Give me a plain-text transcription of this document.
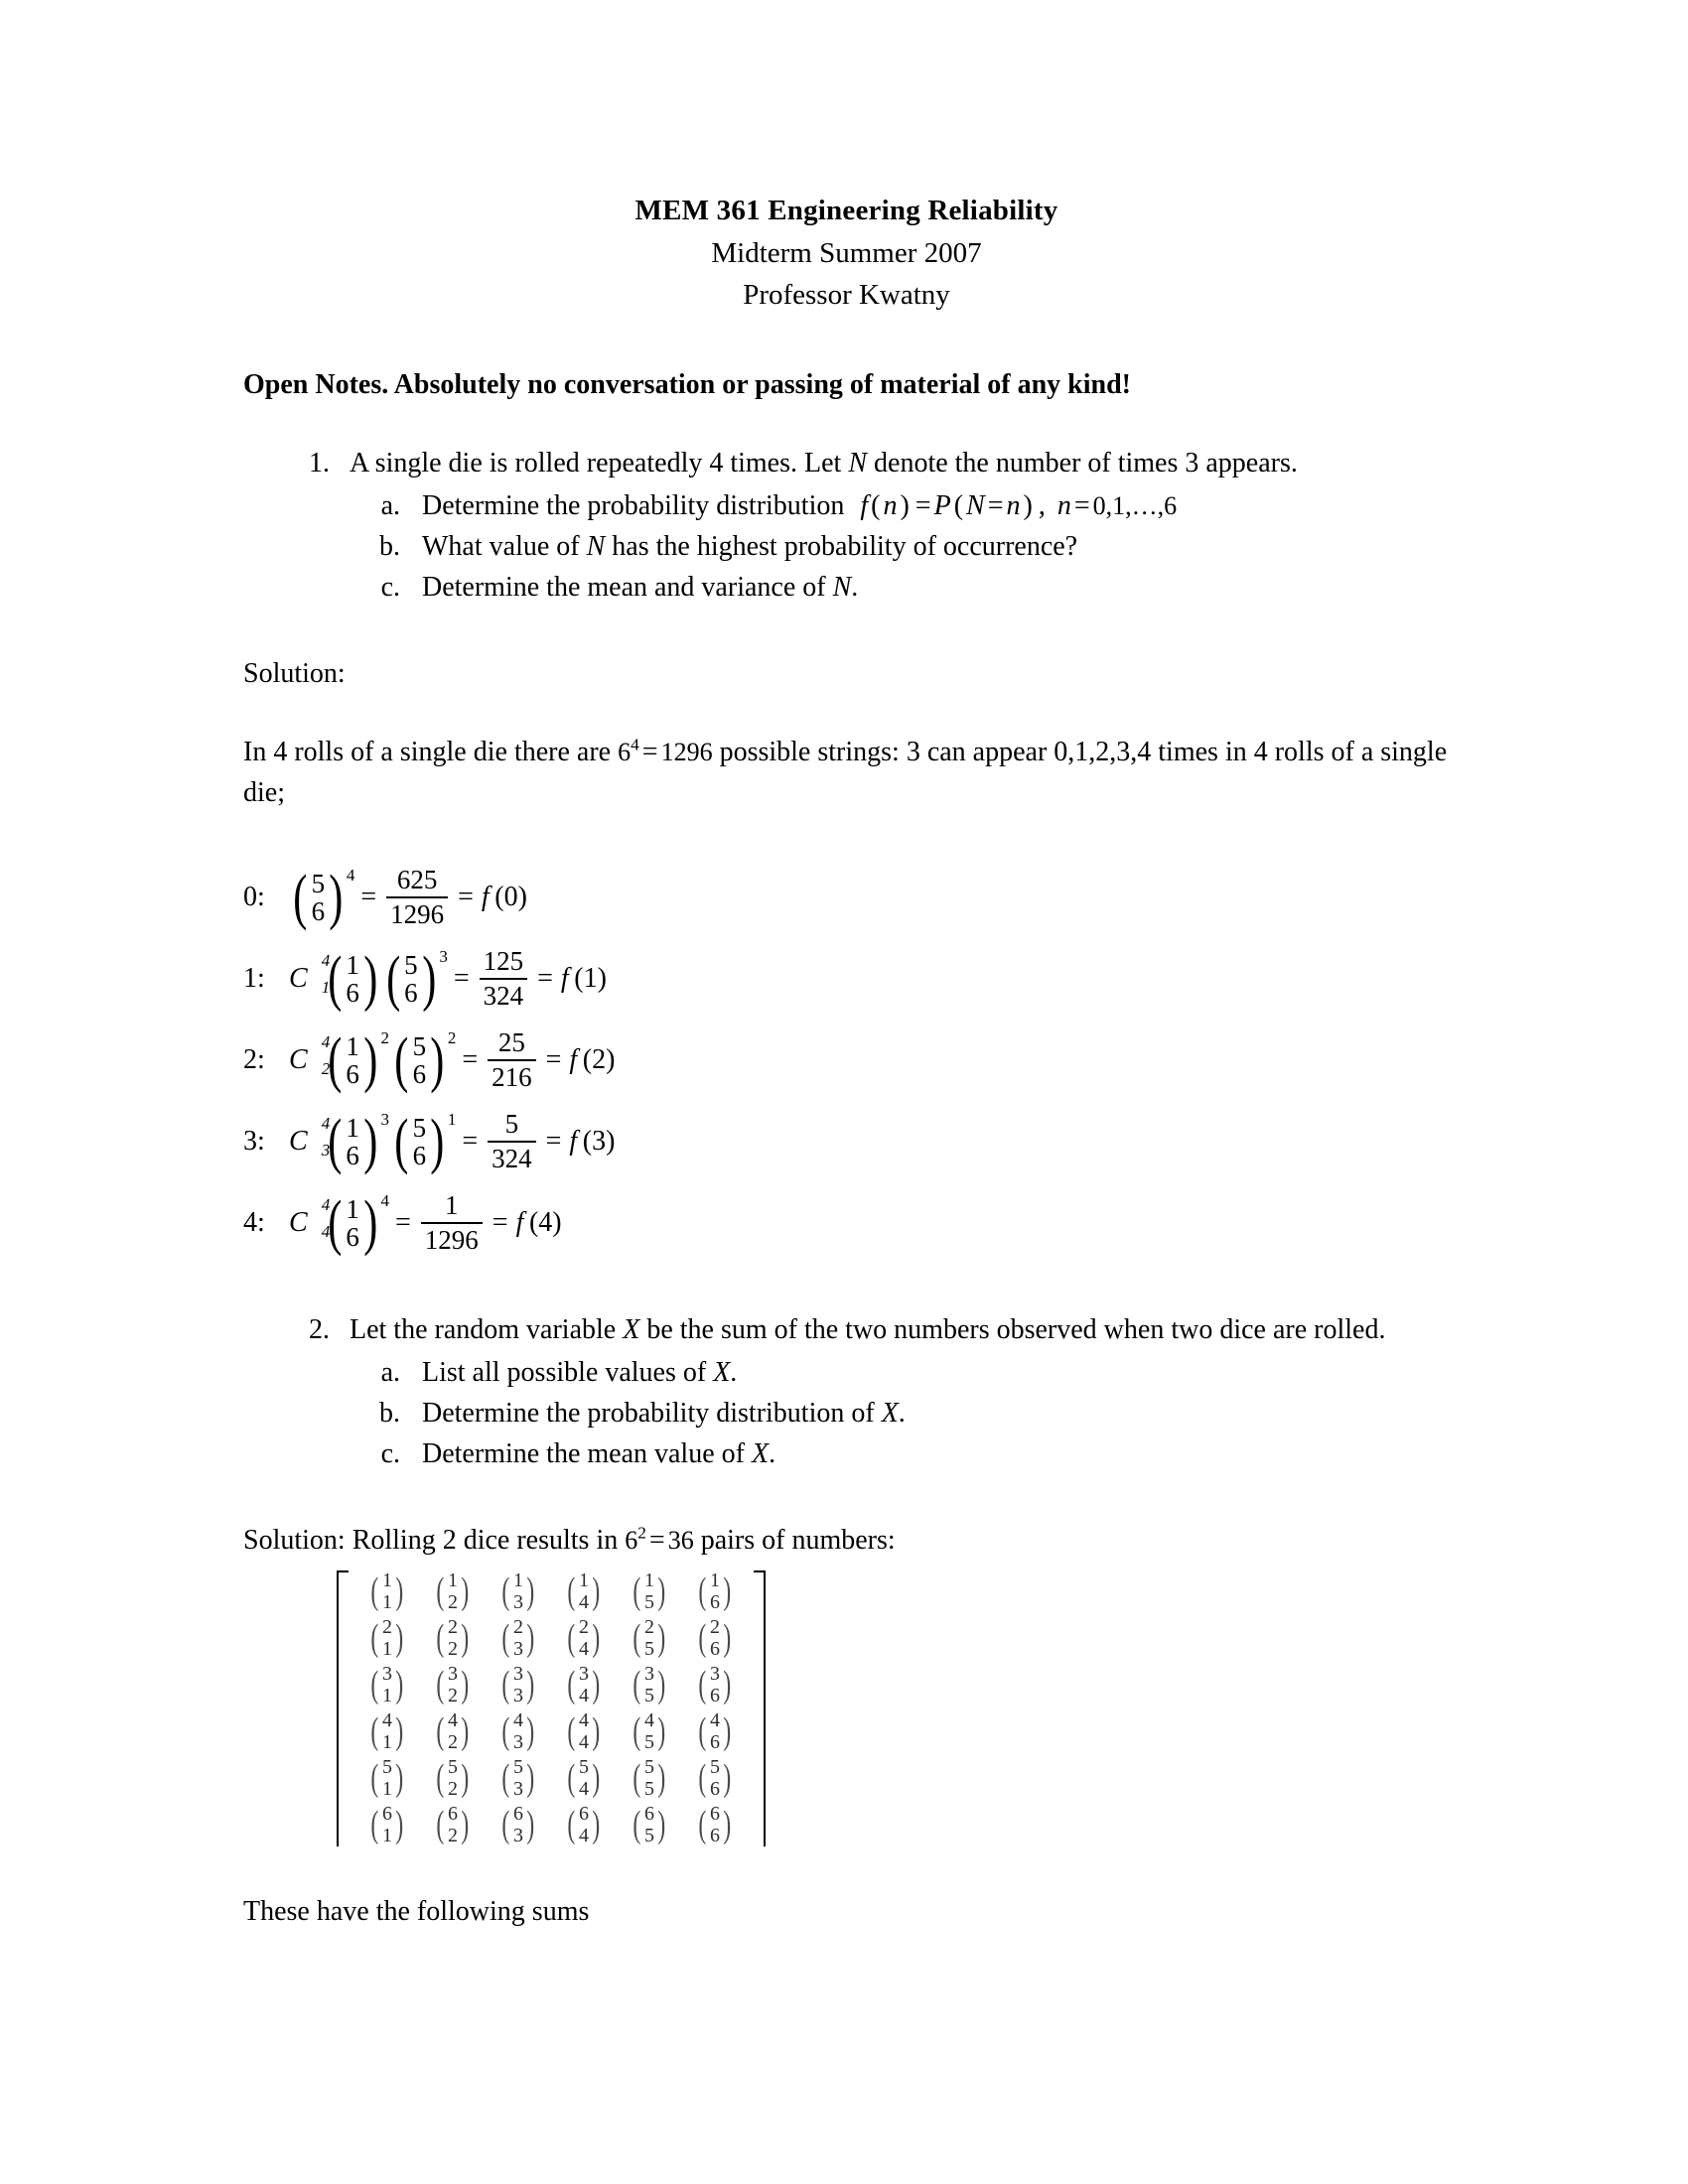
MEM 361 Engineering Reliability
Midterm Summer 2007
Professor Kwatny
Open Notes. Absolutely no conversation or passing of material of any kind!
1. A single die is rolled repeatedly 4 times. Let N denote the number of times 3 appears.
a. Determine the probability distribution f ( n ) = P ( N = n ) , n = 0,1,…,6
b. What value of N has the highest probability of occurrence?
c. Determine the mean and variance of N.
Solution:
In 4 rolls of a single die there are $6^4 = 1296$ possible strings: 3 can appear 0,1,2,3,4 times in 4 rolls of a single die;
0: ( 5
6 ) 4
= $\frac{625}{1296} = f$ (0)
1: C
4
1
( 1
6 ) ( 5
6 ) 3
= $\frac{125}{324} = f$ (1)
2: C
4
2
( 1
6 ) 2 ( 5
6 ) 2
= $\frac{25}{216} = f$ (2)
3: C
4
3
( 1
6 ) 3 ( 5
6 ) 1
= $\frac{5}{324} = f$ (3)
4: C
4
4
( 1
6 ) 4
= $\frac{1}{1296} = f$ (4)
2. Let the random variable X be the sum of the two numbers observed when two dice are rolled.
a. List all possible values of X.
b. Determine the probability distribution of X.
c. Determine the mean value of X.
Solution: Rolling 2 dice results in $6^2 = 36$ pairs of numbers:
( 1
1 ) ( 1
2 ) ( 1
3 ) ( 1
4 ) ( 1
5 ) ( 1
6 )
( 2
1 ) ( 2
2 ) ( 2
3 ) ( 2
4 ) ( 2
5 ) ( 2
6 )
( 3
1 ) ( 3
2 ) ( 3
3 ) ( 3
4 ) ( 3
5 ) ( 3
6 )
( 4
1 ) ( 4
2 ) ( 4
3 ) ( 4
4 ) ( 4
5 ) ( 4
6 )
( 5
1 ) ( 5
2 ) ( 5
3 ) ( 5
4 ) ( 5
5 ) ( 5
6 )
( 6
1 ) ( 6
2 ) ( 6
3 ) ( 6
4 ) ( 6
5 ) ( 6
6 )
These have the following sums
